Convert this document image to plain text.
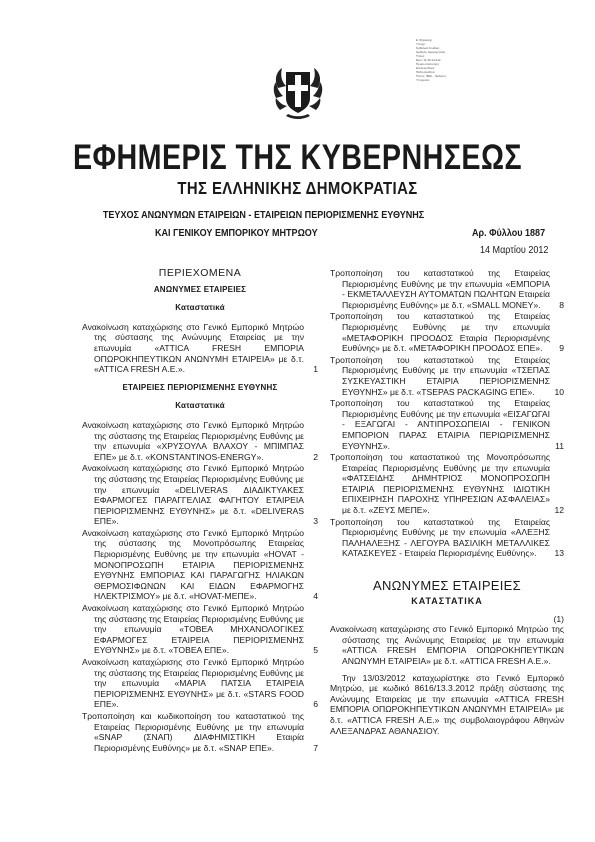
Ε.Ψηφιακής
Υπογρ.
Καθολικό Κωδικό:
Αριθμός Ημερομηνίας:
Τίτλος:
Ώρα: 11:30:14 Ε.Ε.
Προσωποποίηση:
Επικυρώθηκε:
Πεδίο Αγαθού:
Τύπος: ΦΕΚ - Έκδοση:
Υπηρεσία:
ΕΦΗΜΕΡΙΣ ΤΗΣ ΚΥΒΕΡΝΗΣΕΩΣ
ΤΗΣ ΕΛΛΗΝΙΚΗΣ ΔΗΜΟΚΡΑΤΙΑΣ
ΤΕΥΧΟΣ ΑΝΩΝΥΜΩΝ ΕΤΑΙΡΕΙΩΝ - ΕΤΑΙΡΕΙΩΝ ΠΕΡΙΟΡΙΣΜΕΝΗΣ ΕΥΘΥΝΗΣ
ΚΑΙ ΓΕΝΙΚΟΥ ΕΜΠΟΡΙΚΟΥ ΜΗΤΡΩΟΥ	Αρ. Φύλλου 1887
14 Μαρτίου 2012
ΠΕΡΙΕΧΟΜΕΝΑ
ΑΝΩΝΥΜΕΣ ΕΤΑΙΡΕΙΕΣ
Καταστατικά
Ανακοίνωση καταχώρισης στο Γενικό Εμπορικό Μητρώο της σύστασης της Ανώνυμης Εταιρείας με την επωνυμία «ATTICA FRESH ΕΜΠΟΡΙΑ ΟΠΩΡΟΚΗΠΕΥΤΙΚΩΝ ΑΝΩΝΥΜΗ ΕΤΑΙΡΕΙΑ» με δ.τ. «ATTICA FRESH A.E.».	1
ΕΤΑΙΡΕΙΕΣ ΠΕΡΙΟΡΙΣΜΕΝΗΣ ΕΥΘΥΝΗΣ
Καταστατικά
Ανακοίνωση καταχώρισης στο Γενικό Εμπορικό Μητρώο της σύστασης της Εταιρείας Περιορισμένης Ευθύνης με την επωνυμία «ΧΡΥΣΟΥΛΑ ΒΛΑΧΟΥ - ΜΠΙΜΠΑΣ ΕΠΕ» με δ.τ. «KONSTANTINOS-ENERGY».	2
Ανακοίνωση καταχώρισης στο Γενικό Εμπορικό Μητρώο της σύστασης της Εταιρείας Περιορισμένης Ευθύνης με την επωνυμία «DELIVERAS ΔΙΑΔΙΚΤΥΑΚΕΣ ΕΦΑΡΜΟΓΕΣ ΠΑΡΑΓΓΕΛΙΑΣ ΦΑΓΗΤΟΥ ΕΤΑΙΡΕΙΑ ΠΕΡΙΟΡΙΣΜΕΝΗΣ ΕΥΘΥΝΗΣ» με δ.τ. «DELIVERAS ΕΠΕ».	3
Ανακοίνωση καταχώρισης στο Γενικό Εμπορικό Μητρώο της σύστασης της Μονοπρόσωπης Εταιρείας Περιορισμένης Ευθύνης με την επωνυμία «HOVAT - ΜΟΝΟΠΡΟΣΩΠΗ ΕΤΑΙΡΙΑ ΠΕΡΙΟΡΙΣΜΕΝΗΣ ΕΥΘΥΝΗΣ ΕΜΠΟΡΙΑΣ ΚΑΙ ΠΑΡΑΓΩΓΗΣ ΗΛΙΑΚΩΝ ΘΕΡΜΟΣΙΦΩΝΩΝ ΚΑΙ ΕΙΔΩΝ ΕΦΑΡΜΟΓΗΣ ΗΛΕΚΤΡΙΣΜΟΥ» με δ.τ. «HOVAT-ΜΕΠΕ».	4
Ανακοίνωση καταχώρισης στο Γενικό Εμπορικό Μητρώο της σύστασης της Εταιρείας Περιορισμένης Ευθύνης με την επωνυμία «ΤΟΒΕΑ ΜΗΧΑΝΟΛΟΓΙΚΕΣ ΕΦΑΡΜΟΓΕΣ ΕΤΑΙΡΕΙΑ ΠΕΡΙΟΡΙΣΜΕΝΗΣ ΕΥΘΥΝΗΣ» με δ.τ. «ΤΟΒΕΑ ΕΠΕ».	5
Ανακοίνωση καταχώρισης στο Γενικό Εμπορικό Μητρώο της σύστασης της Εταιρείας Περιορισμένης Ευθύνης με την επωνυμία «ΜΑΡΙΑ ΠΑΤΣΙΑ ΕΤΑΙΡΕΙΑ ΠΕΡΙΟΡΙΣΜΕΝΗΣ ΕΥΘΥΝΗΣ» με δ.τ. «STARS FOOD ΕΠΕ».	6
Τροποποίηση και κωδικοποίηση του καταστατικού της Εταιρείας Περιορισμένης Ευθύνης με την επωνυμία «SNAP (ΣΝΑΠ) ΔΙΑΦΗΜΙΣΤΙΚΗ Εταιρία Περιορισμένης Ευθύνης» με δ.τ. «SNAP ΕΠΕ».	7
Τροποποίηση του καταστατικού της Εταιρείας Περιορισμένης Ευθύνης με την επωνυμία «ΕΜΠΟΡΙΑ - ΕΚΜΕΤΑΛΛΕΥΣΗ ΑΥΤΟΜΑΤΩΝ ΠΩΛΗΤΩΝ Εταιρεία Περιορισμένης Ευθύνης» με δ.τ. «SMALL MONEY». 8
Τροποποίηση του καταστατικού της Εταιρείας Περιορισμένης Ευθύνης με την επωνυμία «ΜΕΤΑΦΟΡΙΚΗ ΠΡΟΟΔΟΣ Εταιρία Περιορισμένης Ευθύνης» με δ.τ. «ΜΕΤΑΦΟΡΙΚΗ ΠΡΟΟΔΟΣ ΕΠΕ». 9
Τροποποίηση του καταστατικού της Εταιρείας Περιορισμένης Ευθύνης με την επωνυμία «ΤΣΕΠΑΣ ΣΥΣΚΕΥΑΣΤΙΚΗ ΕΤΑΙΡΙΑ ΠΕΡΙΟΡΙΣΜΕΝΗΣ ΕΥΘΥΝΗΣ» με δ.τ. «TSEPAS PACKAGING ΕΠΕ». 10
Τροποποίηση του καταστατικού της Εταιρείας Περιορισμένης Ευθύνης με την επωνυμία «ΕΙΣΑΓΩΓΑΙ - ΕΞΑΓΩΓΑΙ - ΑΝΤΙΠΡΟΣΩΠΕΙΑΙ - ΓΕΝΙΚΟΝ ΕΜΠΟΡΙΟΝ ΠΑΡΑΣ ΕΤΑΙΡΙΑ ΠΕΡΙΩΡΙΣΜΕΝΗΣ ΕΥΘΥΝΗΣ».	11
Τροποποίηση του καταστατικού της Μονοπρόσωπης Εταιρείας Περιορισμένης Ευθύνης με την επωνυμία «ΦΑΤΣΕΙΔΗΣ ΔΗΜΗΤΡΙΟΣ ΜΟΝΟΠΡΟΣΩΠΗ ΕΤΑΙΡΙΑ ΠΕΡΙΟΡΙΣΜΕΝΗΣ ΕΥΘΥΝΗΣ ΙΔΙΩΤΙΚΗ ΕΠΙΧΕΙΡΗΣΗ ΠΑΡΟΧΗΣ ΥΠΗΡΕΣΙΩΝ ΑΣΦΑΛΕΙΑΣ» με δ.τ. «ΖΕΥΣ ΜΕΠΕ».	12
Τροποποίηση του καταστατικού της Εταιρείας Περιορισμένης Ευθύνης με την επωνυμία «ΑΛΕΞΗΣ ΠΑΛΗΑΛΕΞΗΣ - ΛΕΓΟΥΡΑ ΒΑΣΙΛΙΚΗ ΜΕΤΑΛΛΙΚΕΣ ΚΑΤΑΣΚΕΥΕΣ - Εταιρεία Περιορισμένης Ευθύνης». 13
ΑΝΩΝΥΜΕΣ ΕΤΑΙΡΕΙΕΣ
ΚΑΤΑΣΤΑΤΙΚΑ
(1)
Ανακοίνωση καταχώρισης στο Γενικό Εμπορικό Μητρώο της σύστασης της Ανώνυμης Εταιρείας με την επωνυμία «ATTICA FRESH ΕΜΠΟΡΙΑ ΟΠΩΡΟΚΗΠΕΥΤΙΚΩΝ ΑΝΩΝΥΜΗ ΕΤΑΙΡΕΙΑ» με δ.τ. «ATTICA FRESH A.E.».
Την 13/03/2012 καταχωρίστηκε στο Γενικό Εμπορικό Μητρώο, με κωδικό 8616/13.3.2012 πράξη σύστασης της Ανώνυμης Εταιρείας με την επωνυμία «ATTICA FRESH ΕΜΠΟΡΙΑ ΟΠΩΡΟΚΗΠΕΥΤΙΚΩΝ ΑΝΩΝΥΜΗ ΕΤΑΙΡΕΙΑ» με δ.τ. «ATTICA FRESH A.E.» της συμβολαιογράφου Αθηνών ΑΛΕΞΑΝΔΡΑΣ ΑΘΑΝΑΣΙΟΥ.
